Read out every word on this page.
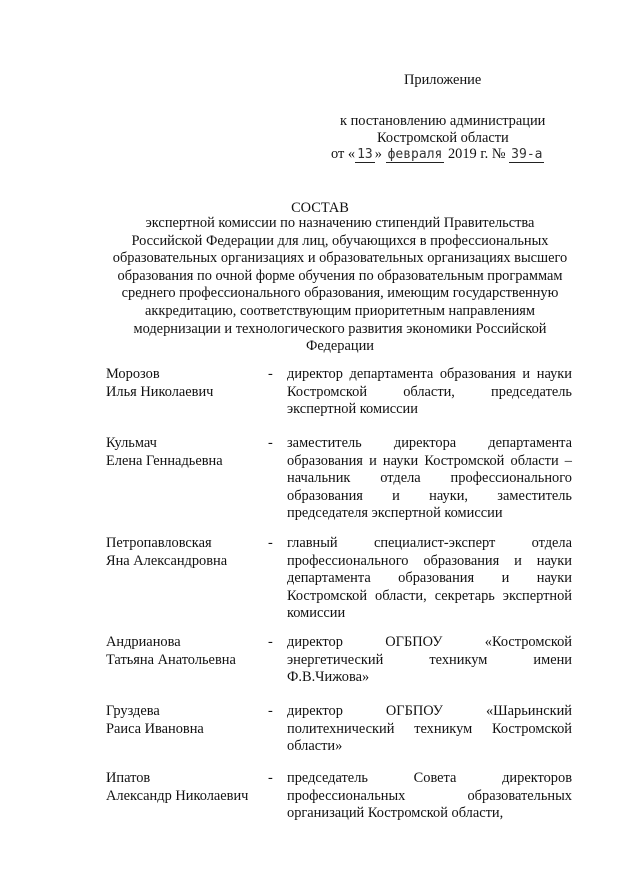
Приложение
к постановлению администрации
Костромской области
от « 13 » февраля 2019 г. № 39-а
СОСТАВ
экспертной комиссии по назначению стипендий Правительства Российской Федерации для лиц, обучающихся в профессиональных образовательных организациях и образовательных организациях высшего образования по очной форме обучения по образовательным программам среднего профессионального образования, имеющим государственную аккредитацию, соответствующим приоритетным направлениям модернизации и технологического развития экономики Российской Федерации
Морозов
Илья Николаевич
- директор департамента образования и науки Костромской области, председатель экспертной комиссии
Кульмач
Елена Геннадьевна
- заместитель директора департамента образования и науки Костромской области – начальник отдела профессионального образования и науки, заместитель председателя экспертной комиссии
Петропавловская
Яна Александровна
- главный специалист-эксперт отдела профессионального образования и науки департамента образования и науки Костромской области, секретарь экспертной комиссии
Андрианова
Татьяна Анатольевна
- директор ОГБПОУ «Костромской энергетический техникум имени Ф.В.Чижова»
Груздева
Раиса Ивановна
- директор ОГБПОУ «Шарьинский политехнический техникум Костромской области»
Ипатов
Александр Николаевич
- председатель Совета директоров профессиональных образовательных организаций Костромской области,
